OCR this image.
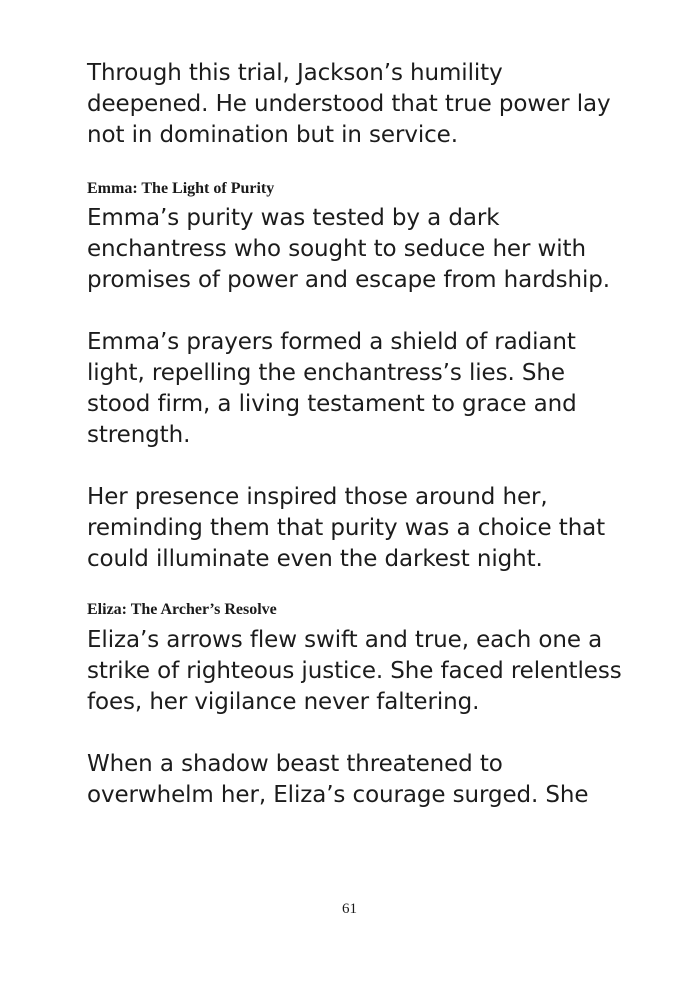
Through this trial, Jackson’s humility deepened. He understood that true power lay not in domination but in service.

Emma: The Light of Purity

Emma’s purity was tested by a dark enchantress who sought to seduce her with promises of power and escape from hardship.

Emma’s prayers formed a shield of radiant light, repelling the enchantress’s lies. She stood firm, a living testament to grace and strength.

Her presence inspired those around her, reminding them that purity was a choice that could illuminate even the darkest night.

Eliza: The Archer’s Resolve

Eliza’s arrows flew swift and true, each one a strike of righteous justice. She faced relentless foes, her vigilance never faltering.

When a shadow beast threatened to overwhelm her, Eliza’s courage surged. She

61
